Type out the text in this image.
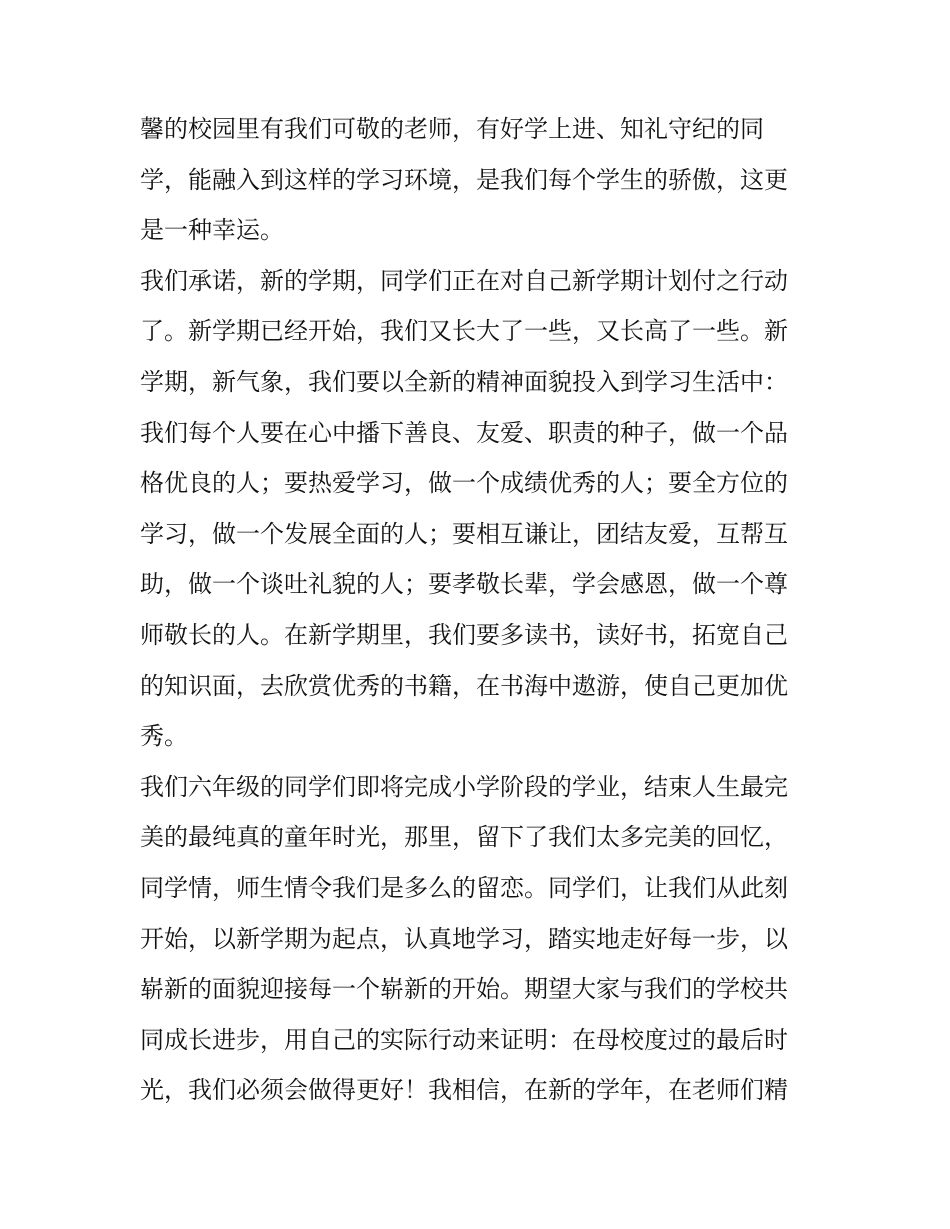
馨的校园里有我们可敬的老师，有好学上进、知礼守纪的同
学，能融入到这样的学习环境，是我们每个学生的骄傲，这更
是一种幸运。
我们承诺，新的学期，同学们正在对自己新学期计划付之行动
了。新学期已经开始，我们又长大了一些，又长高了一些。新
学期，新气象，我们要以全新的精神面貌投入到学习生活中：
我们每个人要在心中播下善良、友爱、职责的种子，做一个品
格优良的人；要热爱学习，做一个成绩优秀的人；要全方位的
学习，做一个发展全面的人；要相互谦让，团结友爱，互帮互
助，做一个谈吐礼貌的人；要孝敬长辈，学会感恩，做一个尊
师敬长的人。在新学期里，我们要多读书，读好书，拓宽自己
的知识面，去欣赏优秀的书籍，在书海中遨游，使自己更加优
秀。
我们六年级的同学们即将完成小学阶段的学业，结束人生最完
美的最纯真的童年时光，那里，留下了我们太多完美的回忆，
同学情，师生情令我们是多么的留恋。同学们，让我们从此刻
开始，以新学期为起点，认真地学习，踏实地走好每一步，以
崭新的面貌迎接每一个崭新的开始。期望大家与我们的学校共
同成长进步，用自己的实际行动来证明：在母校度过的最后时
光，我们必须会做得更好！我相信，在新的学年，在老师们精
